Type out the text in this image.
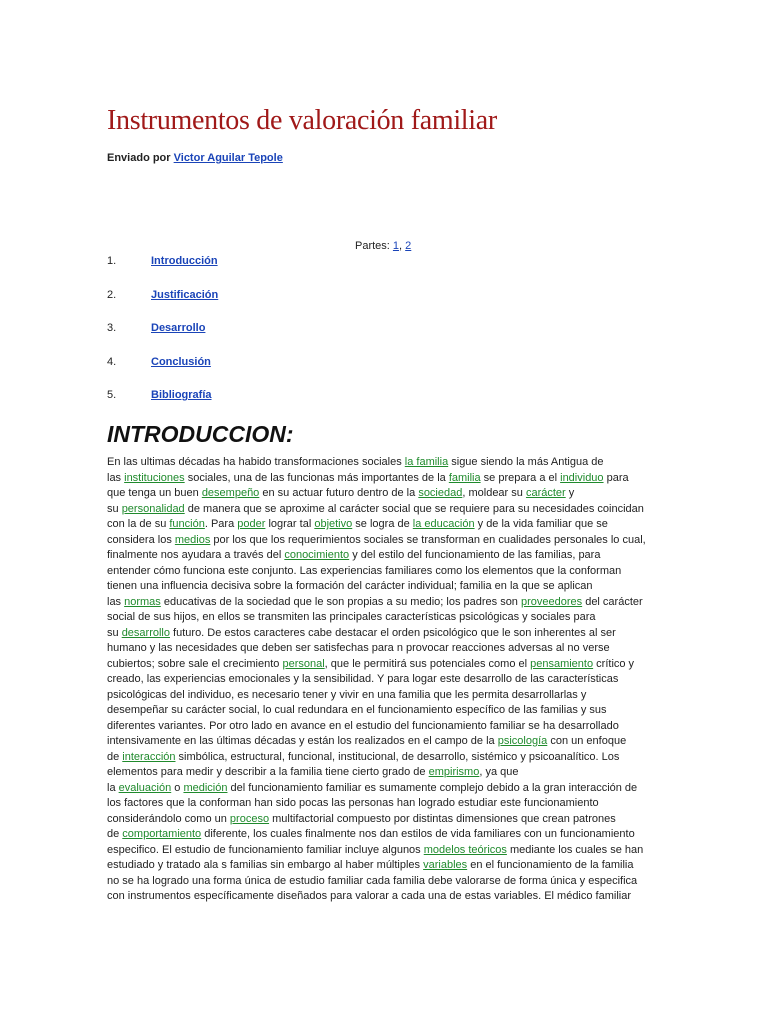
Instrumentos de valoración familiar
Enviado por Victor Aguilar Tepole
Partes: 1, 2
1.	Introducción
2.	Justificación
3.	Desarrollo
4.	Conclusión
5.	Bibliografía
INTRODUCCION:
En las ultimas décadas ha habido transformaciones sociales la familia sigue siendo la más Antigua de
las instituciones sociales, una de las funcionas más importantes de la familia se prepara a el individuo para
que tenga un buen desempeño en su actuar futuro dentro de la sociedad, moldear su carácter y
su personalidad de manera que se aproxime al carácter social que se requiere para su necesidades coincidan
con la de su función. Para poder lograr tal objetivo se logra de la educación y de la vida familiar que se
considera los medios por los que los requerimientos sociales se transforman en cualidades personales lo cual,
finalmente nos ayudara a través del conocimiento y del estilo del funcionamiento de las familias, para
entender cómo funciona este conjunto. Las experiencias familiares como los elementos que la conforman
tienen una influencia decisiva sobre la formación del carácter individual; familia en la que se aplican
las normas educativas de la sociedad que le son propias a su medio; los padres son proveedores del carácter
social de sus hijos, en ellos se transmiten las principales características psicológicas y sociales para
su desarrollo futuro. De estos caracteres cabe destacar el orden psicológico que le son inherentes al ser
humano y las necesidades que deben ser satisfechas para n provocar reacciones adversas al no verse
cubiertos; sobre sale el crecimiento personal, que le permitirá sus potenciales como el pensamiento crítico y
creado, las experiencias emocionales y la sensibilidad. Y para logar este desarrollo de las características
psicológicas del individuo, es necesario tener y vivir en una familia que les permita desarrollarlas y
desempeñar su carácter social, lo cual redundara en el funcionamiento específico de las familias y sus
diferentes variantes. Por otro lado en avance en el estudio del funcionamiento familiar se ha desarrollado
intensivamente en las últimas décadas y están los realizados en el campo de la psicología con un enfoque
de interacción simbólica, estructural, funcional, institucional, de desarrollo, sistémico y psicoanalítico. Los
elementos para medir y describir a la familia tiene cierto grado de empirismo, ya que
la evaluación o medición del funcionamiento familiar es sumamente complejo debido a la gran interacción de
los factores que la conforman han sido pocas las personas han logrado estudiar este funcionamiento
considerándolo como un proceso multifactorial compuesto por distintas dimensiones que crean patrones
de comportamiento diferente, los cuales finalmente nos dan estilos de vida familiares con un funcionamiento
especifico. El estudio de funcionamiento familiar incluye algunos modelos teóricos mediante los cuales se han
estudiado y tratado ala s familias sin embargo al haber múltiples variables en el funcionamiento de la familia
no se ha logrado una forma única de estudio familiar cada familia debe valorarse de forma única y especifica
con instrumentos específicamente diseñados para valorar a cada una de estas variables. El médico familiar
